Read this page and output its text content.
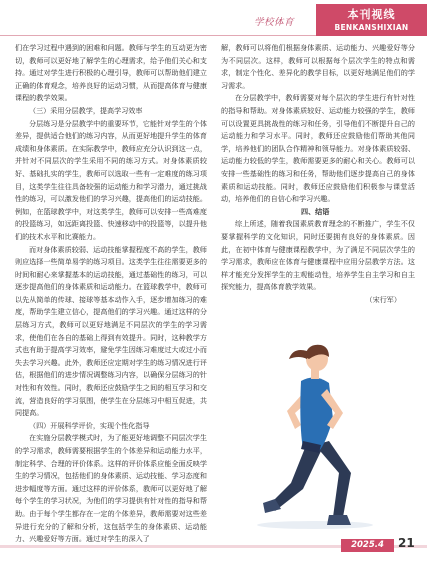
学校体育
本刊视线
BENKANSHIXIAN

们在学习过程中遇到的困难和问题。教师与学生的互动更为密切，教师可以更好地了解学生的心理需求，给予他们关心和支持。通过对学生进行积极的心理引导，教师可以帮助他们建立正确的体育观念，培养良好的运动习惯，从而提高体育与健康课程的教学效果。

（三）采用分层教学，提高学习效率

分层练习是分层教学中的重要环节，它能针对学生的个体差异，提供适合他们的练习内容，从而更好地提升学生的体育成绩和身体素质。在实际教学中，教师应充分认识到这一点，并针对不同层次的学生采用不同的练习方式。对身体素质较好、基础扎实的学生，教师可以选取一些有一定难度的练习项目，这类学生往往具备较强的运动能力和学习潜力，通过挑战性的练习，可以激发他们的学习兴趣，提高他们的运动技能。例如，在篮球教学中，对这类学生，教师可以安排一些高难度的投篮练习，如远距离投篮、快速移动中的投篮等，以提升他们的技术水平和比赛能力。

而对身体素质较弱、运动技能掌握程度不高的学生，教师则应选择一些简单易学的练习项目。这类学生往往需要更多的时间和耐心来掌握基本的运动技能，通过基础性的练习，可以逐步提高他们的身体素质和运动能力。在篮球教学中，教师可以先从简单的传球、接球等基本动作入手，逐步增加练习的难度，帮助学生建立信心，提高他们的学习兴趣。通过这样的分层练习方式，教师可以更好地满足不同层次的学生的学习需求，使他们在各自的基础上得到有效提升。同时，这种教学方式也有助于提高学习效率，避免学生因练习难度过大或过小而失去学习兴趣。此外，教师还应定期对学生的练习情况进行评估，根据他们的进步情况调整练习内容，以确保分层练习的针对性和有效性。同时，教师还应鼓励学生之间的相互学习和交流，营造良好的学习氛围，使学生在分层练习中相互促进，共同提高。

（四）开展科学评价，实现个性化指导

在实施分层教学模式时，为了能更好地调整不同层次学生的学习需求，教师需要根据学生的个体差异和运动能力水平，制定科学、合理的评价体系。这样的评价体系应能全面反映学生的学习情况，包括他们的身体素质、运动技能、学习态度和进步幅度等方面。通过这样的评价体系，教师可以更好地了解每个学生的学习状况，为他们的学习提供有针对性的指导和帮助。由于每个学生都存在一定的个体差异，教师需要对这些差异进行充分的了解和分析，这包括学生的身体素质、运动能力、兴趣爱好等方面。通过对学生的深入了

解，教师可以将他们根据身体素质、运动能力、兴趣爱好等分为不同层次。这样，教师可以根据每个层次学生的特点和需求，制定个性化、差异化的教学目标，以更好地满足他们的学习需求。

在分层教学中，教师需要对每个层次的学生进行有针对性的指导和帮助。对身体素质较好、运动能力较强的学生，教师可以设置更具挑战性的练习和任务，引导他们不断提升自己的运动能力和学习水平。同时，教师还应鼓励他们帮助其他同学，培养他们的团队合作精神和领导能力。对身体素质较弱、运动能力较低的学生，教师需要更多的耐心和关心。教师可以安排一些基础性的练习和任务，帮助他们逐步提高自己的身体素质和运动技能。同时，教师还应鼓励他们积极参与课堂活动，培养他们的自信心和学习兴趣。

四、结语

综上所述，随着我国素质教育理念的不断推广，学生不仅要掌握科学的文化知识，同时还要拥有良好的身体素质。因此，在初中体育与健康课程教学中，为了满足不同层次学生的学习需求，教师应在体育与健康课程中应用分层教学方法。这样才能充分发挥学生的主观能动性，培养学生自主学习和自主探究能力，提高体育教学效果。

（宋行军）

2025.4	21
